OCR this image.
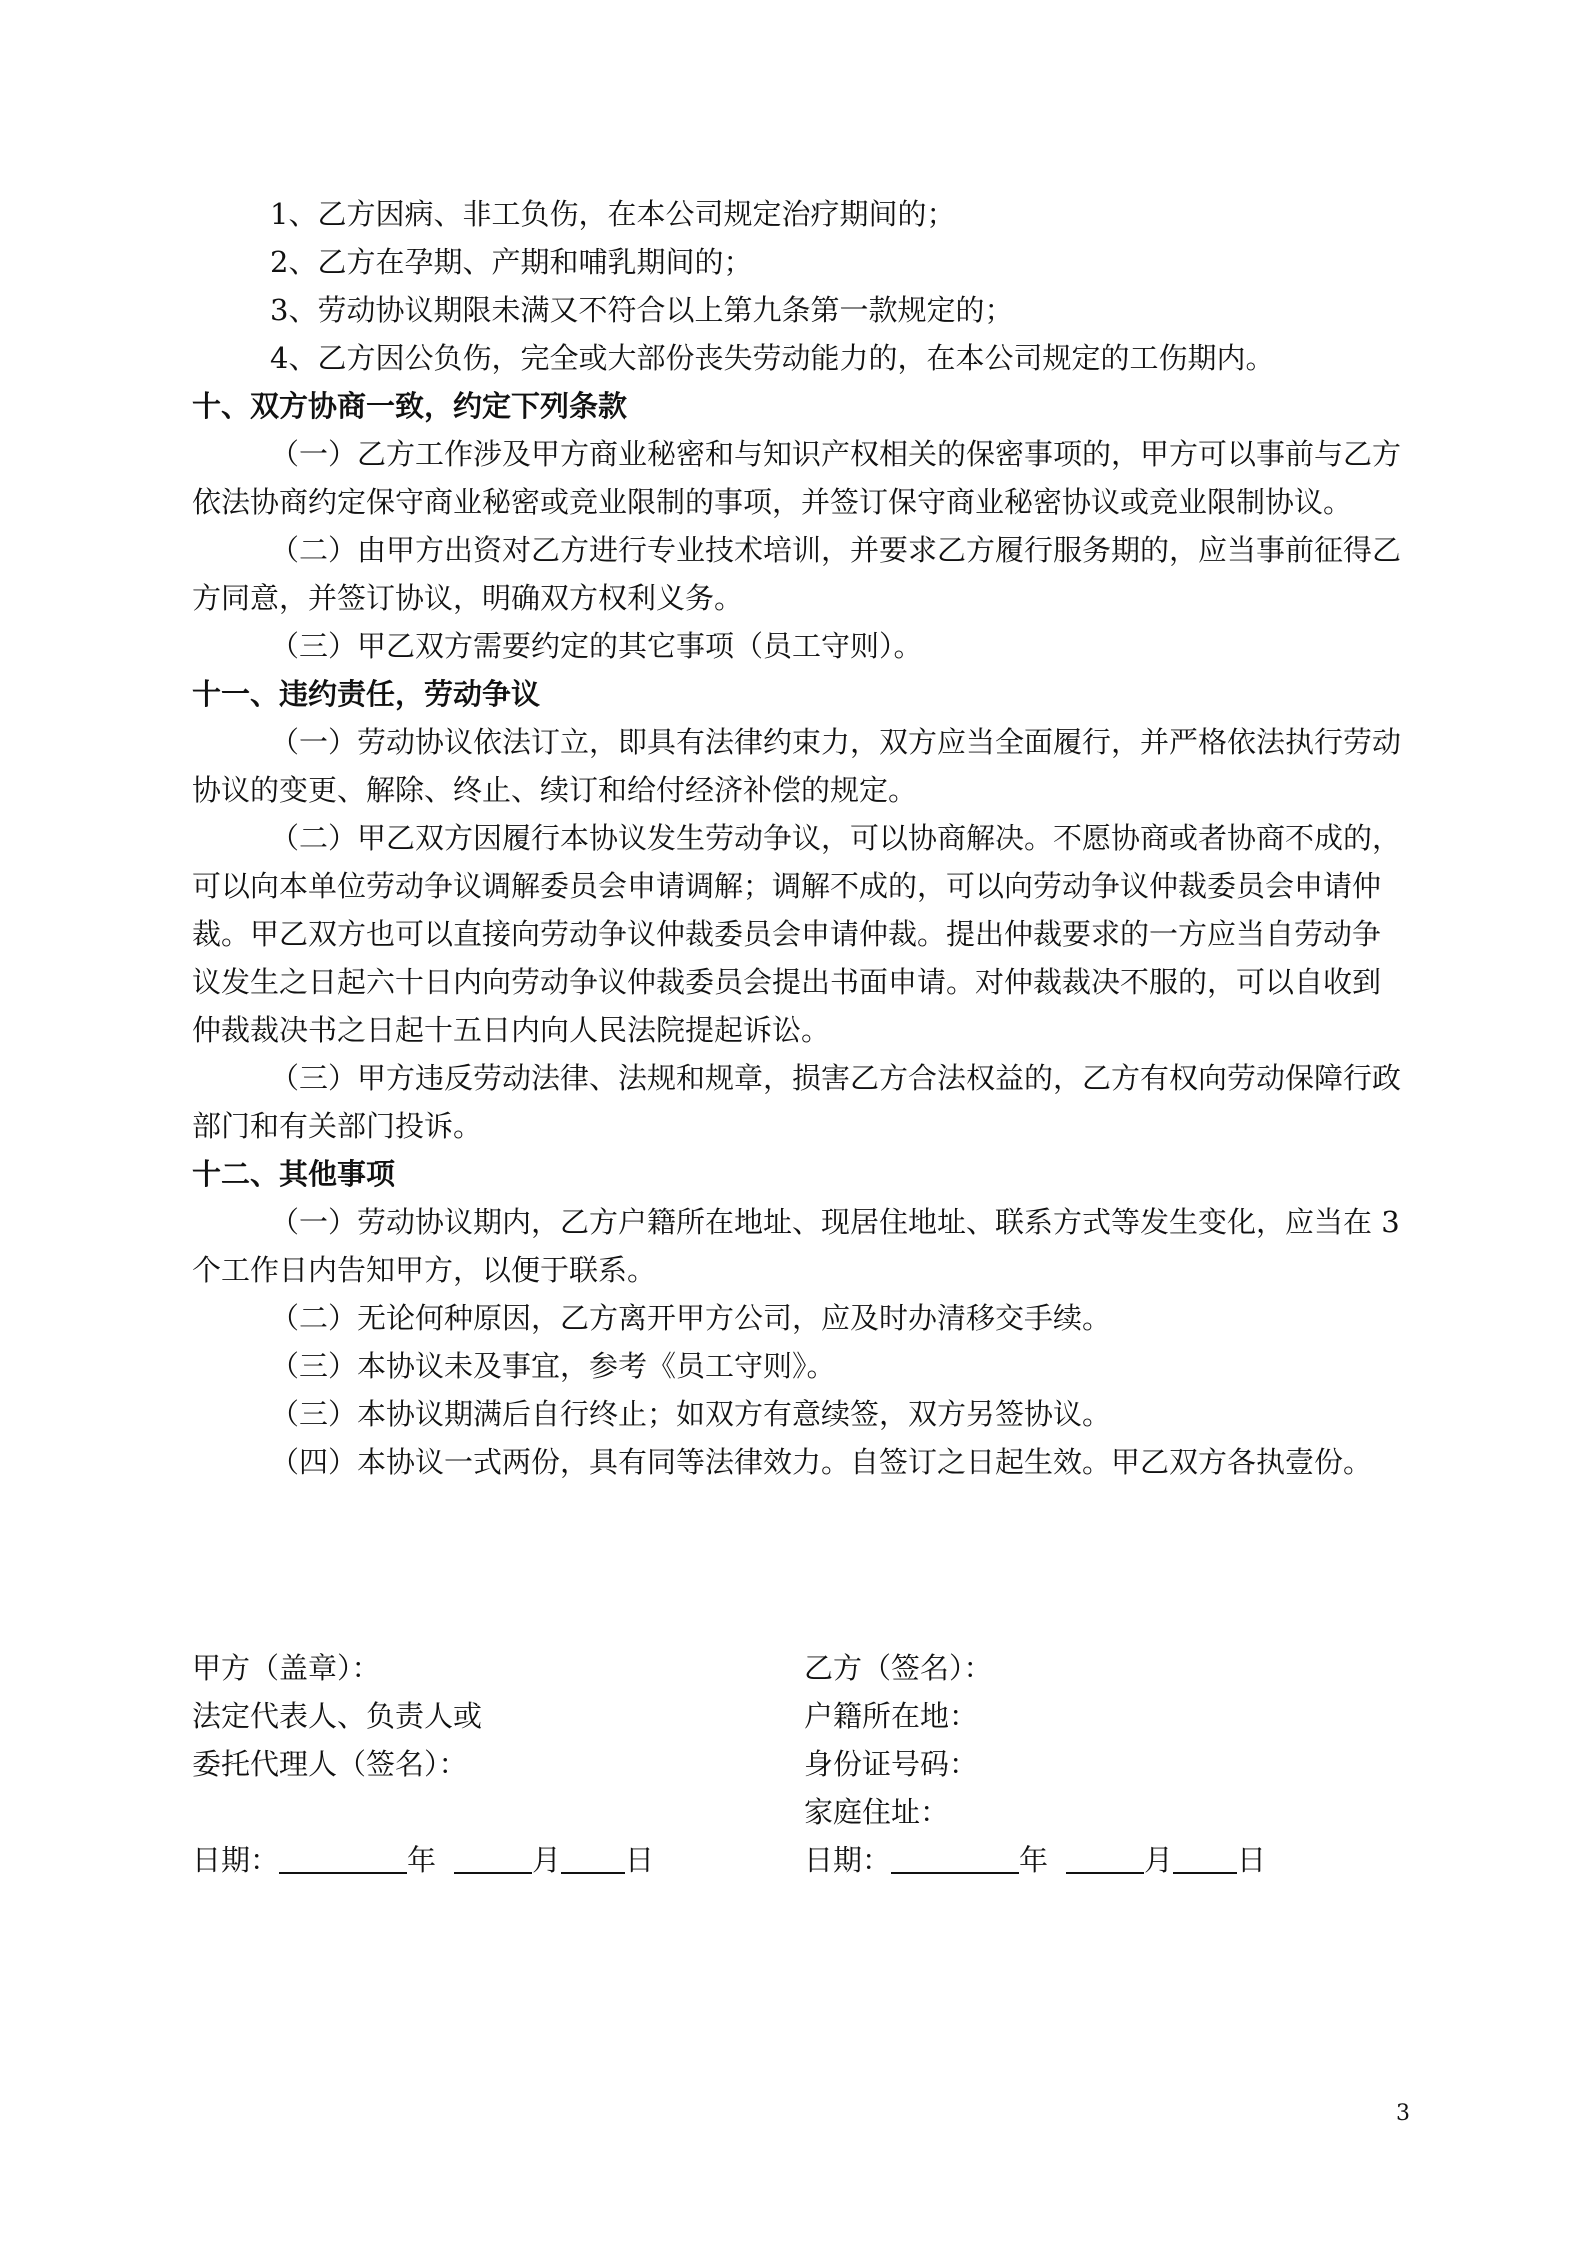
1、乙方因病、非工负伤，在本公司规定治疗期间的；

2、乙方在孕期、产期和哺乳期间的；

3、劳动协议期限未满又不符合以上第九条第一款规定的；

4、乙方因公负伤，完全或大部份丧失劳动能力的，在本公司规定的工伤期内。

十、双方协商一致，约定下列条款

（一）乙方工作涉及甲方商业秘密和与知识产权相关的保密事项的，甲方可以事前与乙方依法协商约定保守商业秘密或竞业限制的事项，并签订保守商业秘密协议或竞业限制协议。

（二）由甲方出资对乙方进行专业技术培训，并要求乙方履行服务期的，应当事前征得乙方同意，并签订协议，明确双方权利义务。

（三）甲乙双方需要约定的其它事项（员工守则）。

十一、违约责任，劳动争议

（一）劳动协议依法订立，即具有法律约束力，双方应当全面履行，并严格依法执行劳动协议的变更、解除、终止、续订和给付经济补偿的规定。

（二）甲乙双方因履行本协议发生劳动争议，可以协商解决。不愿协商或者协商不成的，可以向本单位劳动争议调解委员会申请调解；调解不成的，可以向劳动争议仲裁委员会申请仲裁。甲乙双方也可以直接向劳动争议仲裁委员会申请仲裁。提出仲裁要求的一方应当自劳动争议发生之日起六十日内向劳动争议仲裁委员会提出书面申请。对仲裁裁决不服的，可以自收到仲裁裁决书之日起十五日内向人民法院提起诉讼。

（三）甲方违反劳动法律、法规和规章，损害乙方合法权益的，乙方有权向劳动保障行政部门和有关部门投诉。

十二、其他事项

（一）劳动协议期内，乙方户籍所在地址、现居住地址、联系方式等发生变化，应当在 3 个工作日内告知甲方，以便于联系。

（二）无论何种原因，乙方离开甲方公司，应及时办清移交手续。

（三）本协议未及事宜，参考《员工守则》。

（三）本协议期满后自行终止；如双方有意续签，双方另签协议。

（四）本协议一式两份，具有同等法律效力。自签订之日起生效。甲乙双方各执壹份。

甲方（盖章）：
法定代表人、负责人或
委托代理人（签名）：
日期：	年	月 日
乙方（签名）：
户籍所在地：
身份证号码：
家庭住址：
日期：	年	月 日
3
